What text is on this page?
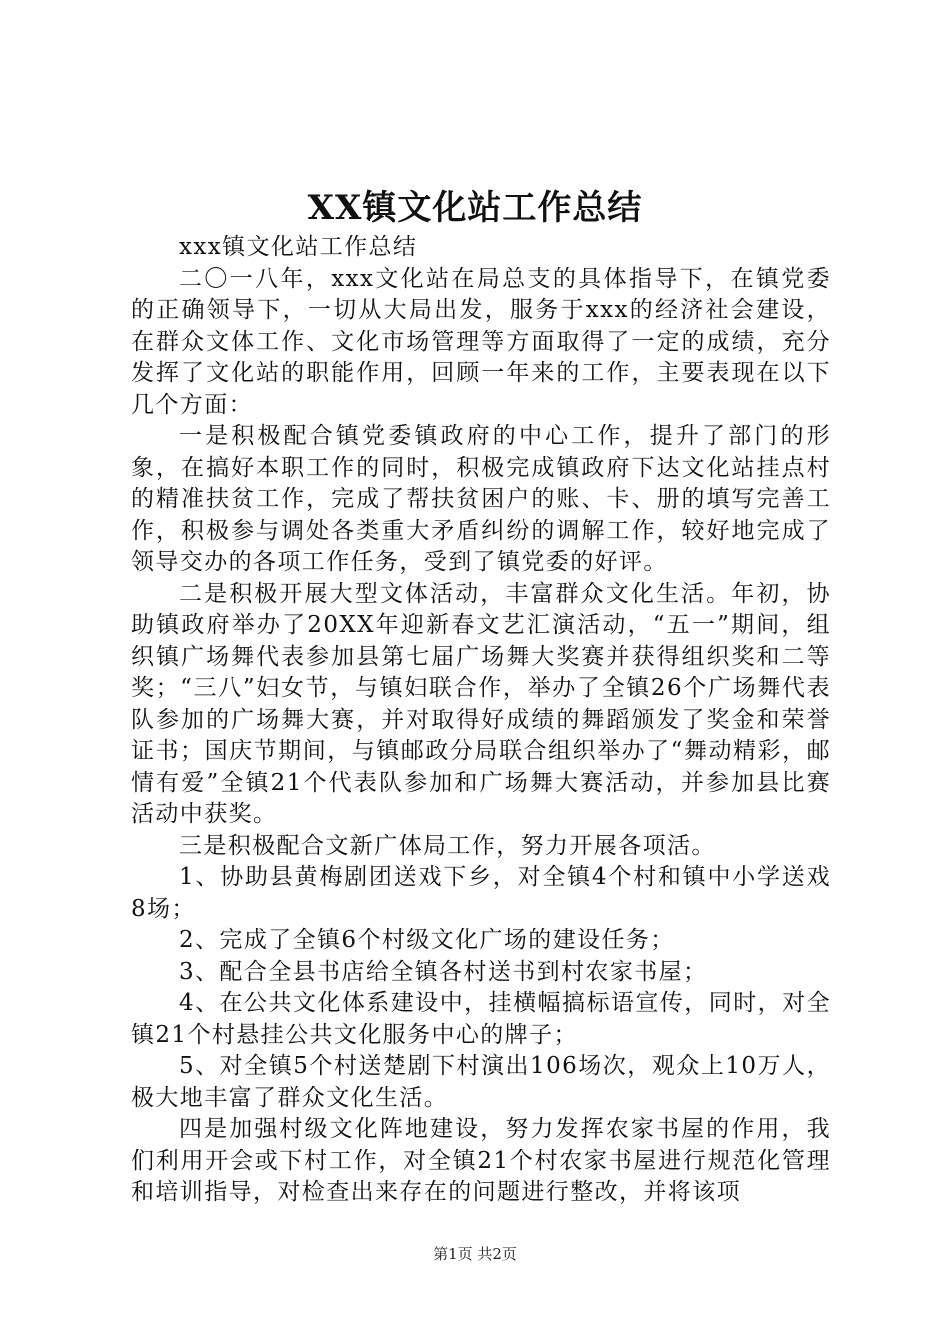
XX镇文化站工作总结

xxx镇文化站工作总结

二〇一八年，xxx文化站在局总支的具体指导下，在镇党委的正确领导下，一切从大局出发，服务于xxx的经济社会建设，在群众文体工作、文化市场管理等方面取得了一定的成绩，充分发挥了文化站的职能作用，回顾一年来的工作，主要表现在以下几个方面：

一是积极配合镇党委镇政府的中心工作，提升了部门的形象，在搞好本职工作的同时，积极完成镇政府下达文化站挂点村的精准扶贫工作，完成了帮扶贫困户的账、卡、册的填写完善工作，积极参与调处各类重大矛盾纠纷的调解工作，较好地完成了领导交办的各项工作任务，受到了镇党委的好评。

二是积极开展大型文体活动，丰富群众文化生活。年初，协助镇政府举办了20XX年迎新春文艺汇演活动，“五一”期间，组织镇广场舞代表参加县第七届广场舞大奖赛并获得组织奖和二等奖；“三八”妇女节，与镇妇联合作，举办了全镇26个广场舞代表队参加的广场舞大赛，并对取得好成绩的舞蹈颁发了奖金和荣誉证书；国庆节期间，与镇邮政分局联合组织举办了“舞动精彩，邮情有爱”全镇21个代表队参加和广场舞大赛活动，并参加县比赛活动中获奖。

三是积极配合文新广体局工作，努力开展各项活。

1、协助县黄梅剧团送戏下乡，对全镇4个村和镇中小学送戏8场；

2、完成了全镇6个村级文化广场的建设任务；

3、配合全县书店给全镇各村送书到村农家书屋；

4、在公共文化体系建设中，挂横幅搞标语宣传，同时，对全镇21个村悬挂公共文化服务中心的牌子；

5、对全镇5个村送楚剧下村演出106场次，观众上10万人，极大地丰富了群众文化生活。

四是加强村级文化阵地建设，努力发挥农家书屋的作用，我们利用开会或下村工作，对全镇21个村农家书屋进行规范化管理和培训指导，对检查出来存在的问题进行整改，并将该项

第1页 共2页
